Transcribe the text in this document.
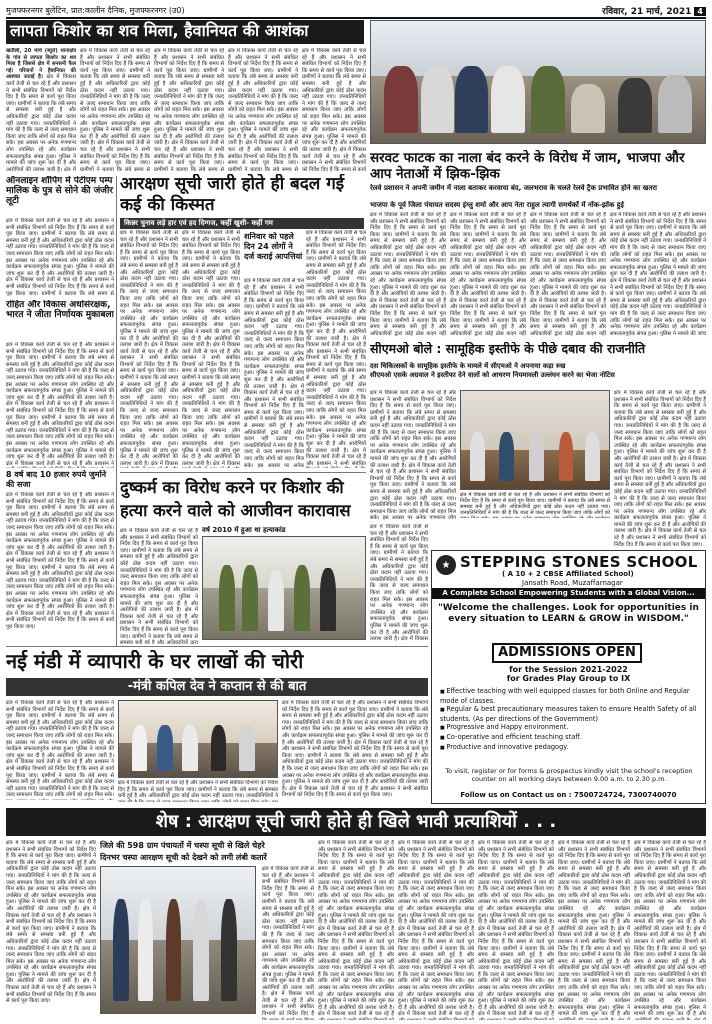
मुजफ्फरनगर बुलेटिन, प्रात:कालीन दैनिक, मुजफ्फरनगर (उ0)	रविवार, 21 मार्च, 2021 4
लापता किशोर का शव मिला, हैवानियत की आशंका
खतौली, 20 मार्च (ब्यूरो) थानाक्षेत्र के गांव से लापता किशोर का शव मिला है जिससे क्षेत्र में सनसनी फैल गई। परिजनों ने हैवानियत की आशंका जताई है। क्षेत्र में विकास कार्य तेजी से चल रहे हैं और प्रशासन ने सभी संबंधित विभागों को निर्देश दिए हैं कि समय से कार्य पूरा किया जाए। ग्रामीणों ने बताया कि लंबे समय से समस्या बनी हुई है और अधिकारियों द्वारा कोई ठोस कदम नहीं उठाया गया। जनप्रतिनिधियों ने मांग की है कि जल्द से जल्द समाधान किया जाए ताकि लोगों को राहत मिल सके। इस अवसर पर अनेक गणमान्य लोग उपस्थित रहे और कार्यक्रम सफलतापूर्वक संपन्न हुआ। पुलिस ने मामले की जांच शुरू कर दी है और आरोपियों की तलाश जारी है। क्षेत्र में विकास कार्य तेजी से चल रहे हैं और प्रशासन ने सभी संबंधित विभागों को निर्देश दिए हैं कि समय से कार्य पूरा किया जाए। ग्रामीणों ने बताया कि लंबे समय से समस्या बनी हुई है और अधिकारियों द्वारा कोई ठोस कदम नहीं उठाया गया। जनप्रतिनिधियों ने मांग की है कि जल्द से जल्द समाधान किया जाए ताकि लोगों को राहत मिल सके। इस अवसर पर अनेक गणमान्य लोग उपस्थित रहे और कार्यक्रम सफलतापूर्वक संपन्न हुआ। पुलिस ने मामले की जांच शुरू कर दी है और आरोपियों की तलाश जारी है। क्षेत्र में विकास कार्य तेजी से चल रहे हैं और प्रशासन ने सभी संबंधित विभागों को निर्देश दिए हैं कि समय से कार्य पूरा किया जाए।
क्षेत्र में विकास कार्य तेजी से चल रहे हैं और प्रशासन ने सभी संबंधित विभागों को निर्देश दिए हैं कि समय से कार्य पूरा किया जाए। ग्रामीणों ने बताया कि लंबे समय से समस्या बनी हुई है और अधिकारियों द्वारा कोई ठोस कदम नहीं उठाया गया। जनप्रतिनिधियों ने मांग की है कि जल्द से जल्द समाधान किया जाए ताकि लोगों को राहत मिल सके। इस अवसर पर अनेक गणमान्य लोग उपस्थित रहे और कार्यक्रम सफलतापूर्वक संपन्न हुआ। पुलिस ने मामले की जांच शुरू कर दी है और आरोपियों की तलाश जारी है। क्षेत्र में विकास कार्य तेजी से चल रहे हैं और प्रशासन ने सभी संबंधित विभागों को निर्देश दिए हैं कि समय से कार्य पूरा किया जाए। ग्रामीणों ने बताया कि लंबे समय से समस्या बनी हुई है और अधिकारियों द्वारा कोई ठोस कदम नहीं उठाया गया। जनप्रतिनिधियों ने मांग की है कि जल्द से जल्द समाधान किया जाए ताकि लोगों को राहत मिल सके। इस अवसर पर अनेक गणमान्य लोग उपस्थित रहे और कार्यक्रम सफलतापूर्वक संपन्न हुआ। पुलिस ने मामले की जांच शुरू कर दी है और आरोपियों की तलाश जारी है। क्षेत्र में विकास कार्य तेजी से चल रहे हैं और प्रशासन ने सभी संबंधित विभागों को निर्देश दिए हैं कि समय से कार्य पूरा किया जाए।
क्षेत्र में विकास कार्य तेजी से चल रहे हैं और प्रशासन ने सभी संबंधित विभागों को निर्देश दिए हैं कि समय से कार्य पूरा किया जाए। ग्रामीणों ने बताया कि लंबे समय से समस्या बनी हुई है और अधिकारियों द्वारा कोई ठोस कदम नहीं उठाया गया। जनप्रतिनिधियों ने मांग की है कि जल्द से जल्द समाधान किया जाए ताकि लोगों को राहत मिल सके। इस अवसर पर अनेक गणमान्य लोग उपस्थित रहे और कार्यक्रम सफलतापूर्वक संपन्न हुआ। पुलिस ने मामले की जांच शुरू कर दी है और आरोपियों की तलाश जारी है। क्षेत्र में विकास कार्य तेजी से चल रहे हैं और प्रशासन ने सभी संबंधित विभागों को निर्देश दिए हैं कि समय से कार्य पूरा किया जाए। ग्रामीणों ने बताया कि लंबे समय से समस्या बनी हुई है और अधिकारियों द्वारा कोई ठोस कदम नहीं उठाया गया। जनप्रतिनिधियों ने मांग की है कि जल्द से जल्द समाधान किया जाए ताकि लोगों को राहत मिल सके। इस अवसर पर अनेक गणमान्य लोग उपस्थित रहे और कार्यक्रम सफलतापूर्वक संपन्न हुआ। पुलिस ने मामले की जांच शुरू कर दी है और आरोपियों की तलाश जारी है। क्षेत्र में विकास कार्य तेजी से चल रहे हैं और प्रशासन ने सभी संबंधित विभागों को निर्देश दिए हैं कि समय से कार्य पूरा किया जाए।
क्षेत्र में विकास कार्य तेजी से चल रहे हैं और प्रशासन ने सभी संबंधित विभागों को निर्देश दिए हैं कि समय से कार्य पूरा किया जाए। ग्रामीणों ने बताया कि लंबे समय से समस्या बनी हुई है और अधिकारियों द्वारा कोई ठोस कदम नहीं उठाया गया। जनप्रतिनिधियों ने मांग की है कि जल्द से जल्द समाधान किया जाए ताकि लोगों को राहत मिल सके। इस अवसर पर अनेक गणमान्य लोग उपस्थित रहे और कार्यक्रम सफलतापूर्वक संपन्न हुआ। पुलिस ने मामले की जांच शुरू कर दी है और आरोपियों की तलाश जारी है। क्षेत्र में विकास कार्य तेजी से चल रहे हैं और प्रशासन ने सभी संबंधित विभागों को निर्देश दिए हैं कि समय से कार्य पूरा किया जाए। ग्रामीणों ने बताया कि लंबे समय से समस्या बनी हुई है और अधिकारियों द्वारा कोई ठोस कदम नहीं उठाया गया। जनप्रतिनिधियों ने मांग की है कि जल्द से जल्द समाधान किया जाए ताकि लोगों को राहत मिल सके। इस अवसर पर अनेक गणमान्य लोग उपस्थित रहे और कार्यक्रम सफलतापूर्वक संपन्न हुआ। पुलिस ने मामले की जांच शुरू कर दी है और आरोपियों की तलाश जारी है। क्षेत्र में विकास कार्य तेजी से चल रहे हैं और प्रशासन ने सभी संबंधित विभागों को निर्देश दिए हैं कि समय से कार्य पूरा किया जाए।
क्षेत्र में विकास कार्य तेजी से चल रहे हैं और प्रशासन ने सभी संबंधित विभागों को निर्देश दिए हैं कि समय से कार्य पूरा किया जाए। ग्रामीणों ने बताया कि लंबे समय से समस्या बनी हुई है और अधिकारियों द्वारा कोई ठोस कदम नहीं उठाया गया। जनप्रतिनिधियों ने मांग की है कि जल्द से जल्द समाधान किया जाए ताकि लोगों को राहत मिल सके। इस अवसर पर अनेक गणमान्य लोग उपस्थित रहे और कार्यक्रम सफलतापूर्वक संपन्न हुआ। पुलिस ने मामले की जांच शुरू कर दी है और आरोपियों की तलाश जारी है। क्षेत्र में विकास कार्य तेजी से चल रहे हैं और प्रशासन ने सभी संबंधित विभागों को निर्देश दिए हैं कि समय से कार्य पूरा किया जाए। ग्रामीणों ने बताया कि लंबे समय से समस्या बनी हुई है और अधिकारियों द्वारा कोई ठोस कदम नहीं उठाया गया। जनप्रतिनिधियों ने मांग की है कि जल्द से जल्द समाधान किया जाए ताकि लोगों को राहत मिल सके। इस अवसर पर अनेक गणमान्य लोग उपस्थित रहे और कार्यक्रम सफलतापूर्वक संपन्न हुआ। पुलिस ने मामले की जांच शुरू कर दी है और आरोपियों की तलाश जारी है। क्षेत्र में विकास कार्य तेजी से चल रहे हैं और प्रशासन ने सभी संबंधित विभागों को निर्देश दिए हैं कि समय से कार्य पूरा किया जाए।
सरवट फाटक का नाला बंद करने के विरोध में जाम, भाजपा और आप नेताओं में झिक-झिक
रेलवे प्रशासन ने अपनी जमीन में नाला बताकर करवाया बंद, जलभराव के चलते रेलवे ट्रैक प्रभावित होने का खतरा
भाजपा के पूर्व जिला पंचायत सदस्य इंग्लु शर्मा और आप नेता राहुल त्यागी समर्थकों में नोंक-झोंक हुई
क्षेत्र में विकास कार्य तेजी से चल रहे हैं और प्रशासन ने सभी संबंधित विभागों को निर्देश दिए हैं कि समय से कार्य पूरा किया जाए। ग्रामीणों ने बताया कि लंबे समय से समस्या बनी हुई है और अधिकारियों द्वारा कोई ठोस कदम नहीं उठाया गया। जनप्रतिनिधियों ने मांग की है कि जल्द से जल्द समाधान किया जाए ताकि लोगों को राहत मिल सके। इस अवसर पर अनेक गणमान्य लोग उपस्थित रहे और कार्यक्रम सफलतापूर्वक संपन्न हुआ। पुलिस ने मामले की जांच शुरू कर दी है और आरोपियों की तलाश जारी है। क्षेत्र में विकास कार्य तेजी से चल रहे हैं और प्रशासन ने सभी संबंधित विभागों को निर्देश दिए हैं कि समय से कार्य पूरा किया जाए। ग्रामीणों ने बताया कि लंबे समय से समस्या बनी हुई है और अधिकारियों द्वारा कोई ठोस कदम नहीं उठाया गया। जनप्रतिनिधियों ने मांग की है कि जल्द से जल्द समाधान किया जाए ताकि लोगों को राहत मिल सके। इस अवसर पर अनेक गणमान्य लोग उपस्थित रहे और कार्यक्रम सफलतापूर्वक संपन्न हुआ। पुलिस ने मामले की जांच शुरू कर दी है और आरोपियों की तलाश जारी है। क्षेत्र में विकास कार्य तेजी से चल रहे हैं और प्रशासन ने सभी संबंधित विभागों को निर्देश दिए हैं कि समय से कार्य पूरा किया जाए।
क्षेत्र में विकास कार्य तेजी से चल रहे हैं और प्रशासन ने सभी संबंधित विभागों को निर्देश दिए हैं कि समय से कार्य पूरा किया जाए। ग्रामीणों ने बताया कि लंबे समय से समस्या बनी हुई है और अधिकारियों द्वारा कोई ठोस कदम नहीं उठाया गया। जनप्रतिनिधियों ने मांग की है कि जल्द से जल्द समाधान किया जाए ताकि लोगों को राहत मिल सके। इस अवसर पर अनेक गणमान्य लोग उपस्थित रहे और कार्यक्रम सफलतापूर्वक संपन्न हुआ। पुलिस ने मामले की जांच शुरू कर दी है और आरोपियों की तलाश जारी है। क्षेत्र में विकास कार्य तेजी से चल रहे हैं और प्रशासन ने सभी संबंधित विभागों को निर्देश दिए हैं कि समय से कार्य पूरा किया जाए। ग्रामीणों ने बताया कि लंबे समय से समस्या बनी हुई है और अधिकारियों द्वारा कोई ठोस कदम नहीं उठाया गया। जनप्रतिनिधियों ने मांग की है कि जल्द से जल्द समाधान किया जाए ताकि लोगों को राहत मिल सके। इस अवसर पर अनेक गणमान्य लोग उपस्थित रहे और कार्यक्रम सफलतापूर्वक संपन्न हुआ। पुलिस ने मामले की जांच शुरू कर दी है और आरोपियों की तलाश जारी है। क्षेत्र में विकास कार्य तेजी से चल रहे हैं और प्रशासन ने सभी संबंधित विभागों को निर्देश दिए हैं कि समय से कार्य पूरा किया जाए।
क्षेत्र में विकास कार्य तेजी से चल रहे हैं और प्रशासन ने सभी संबंधित विभागों को निर्देश दिए हैं कि समय से कार्य पूरा किया जाए। ग्रामीणों ने बताया कि लंबे समय से समस्या बनी हुई है और अधिकारियों द्वारा कोई ठोस कदम नहीं उठाया गया। जनप्रतिनिधियों ने मांग की है कि जल्द से जल्द समाधान किया जाए ताकि लोगों को राहत मिल सके। इस अवसर पर अनेक गणमान्य लोग उपस्थित रहे और कार्यक्रम सफलतापूर्वक संपन्न हुआ। पुलिस ने मामले की जांच शुरू कर दी है और आरोपियों की तलाश जारी है। क्षेत्र में विकास कार्य तेजी से चल रहे हैं और प्रशासन ने सभी संबंधित विभागों को निर्देश दिए हैं कि समय से कार्य पूरा किया जाए। ग्रामीणों ने बताया कि लंबे समय से समस्या बनी हुई है और अधिकारियों द्वारा कोई ठोस कदम नहीं उठाया गया। जनप्रतिनिधियों ने मांग की है कि जल्द से जल्द समाधान किया जाए ताकि लोगों को राहत मिल सके। इस अवसर पर अनेक गणमान्य लोग उपस्थित रहे और कार्यक्रम सफलतापूर्वक संपन्न हुआ। पुलिस ने मामले की जांच शुरू कर दी है और आरोपियों की तलाश जारी है। क्षेत्र में विकास कार्य तेजी से चल रहे हैं और प्रशासन ने सभी संबंधित विभागों को निर्देश दिए हैं कि समय से कार्य पूरा किया जाए।
क्षेत्र में विकास कार्य तेजी से चल रहे हैं और प्रशासन ने सभी संबंधित विभागों को निर्देश दिए हैं कि समय से कार्य पूरा किया जाए। ग्रामीणों ने बताया कि लंबे समय से समस्या बनी हुई है और अधिकारियों द्वारा कोई ठोस कदम नहीं उठाया गया। जनप्रतिनिधियों ने मांग की है कि जल्द से जल्द समाधान किया जाए ताकि लोगों को राहत मिल सके। इस अवसर पर अनेक गणमान्य लोग उपस्थित रहे और कार्यक्रम सफलतापूर्वक संपन्न हुआ। पुलिस ने मामले की जांच शुरू कर दी है और आरोपियों की तलाश जारी है। क्षेत्र में विकास कार्य तेजी से चल रहे हैं और प्रशासन ने सभी संबंधित विभागों को निर्देश दिए हैं कि समय से कार्य पूरा किया जाए। ग्रामीणों ने बताया कि लंबे समय से समस्या बनी हुई है और अधिकारियों द्वारा कोई ठोस कदम नहीं उठाया गया। जनप्रतिनिधियों ने मांग की है कि जल्द से जल्द समाधान किया जाए ताकि लोगों को राहत मिल सके। इस अवसर पर अनेक गणमान्य लोग उपस्थित रहे और कार्यक्रम सफलतापूर्वक संपन्न हुआ। पुलिस ने मामले की जांच शुरू कर दी है और आरोपियों की तलाश जारी है। क्षेत्र में विकास कार्य तेजी से चल रहे हैं और प्रशासन ने सभी संबंधित विभागों को निर्देश दिए हैं कि समय से कार्य पूरा किया जाए।
ऑनलाइन शॉपिंग में पेटीएम पम्प मालिक के पुत्र से सोने की जंजीर लूटी
क्षेत्र में विकास कार्य तेजी से चल रहे हैं और प्रशासन ने सभी संबंधित विभागों को निर्देश दिए हैं कि समय से कार्य पूरा किया जाए। ग्रामीणों ने बताया कि लंबे समय से समस्या बनी हुई है और अधिकारियों द्वारा कोई ठोस कदम नहीं उठाया गया। जनप्रतिनिधियों ने मांग की है कि जल्द से जल्द समाधान किया जाए ताकि लोगों को राहत मिल सके। इस अवसर पर अनेक गणमान्य लोग उपस्थित रहे और कार्यक्रम सफलतापूर्वक संपन्न हुआ। पुलिस ने मामले की जांच शुरू कर दी है और आरोपियों की तलाश जारी है। क्षेत्र में विकास कार्य तेजी से चल रहे हैं और प्रशासन ने सभी संबंधित विभागों को निर्देश दिए हैं कि समय से कार्य पूरा किया जाए। ग्रामीणों ने बताया कि लंबे समय से समस्या बनी हुई है और अधिकारियों द्वारा कोई ठोस कदम नहीं उठाया गया। जनप्रतिनिधियों ने मांग की है कि जल्द से जल्द समाधान किया जाए ताकि लोगों को राहत मिल सके। इस अवसर पर अनेक गणमान्य लोग उपस्थित रहे और कार्यक्रम सफलतापूर्वक संपन्न हुआ। पुलिस ने मामले की जांच शुरू कर दी है और आरोपियों की तलाश जारी है। क्षेत्र में विकास कार्य तेजी से चल रहे हैं और प्रशासन ने सभी संबंधित विभागों को निर्देश दिए हैं कि समय से कार्य पूरा किया जाए।
रोहित और विकास अधोसंरक्षक, भारत ने जीता निर्णायक मुकाबला
क्षेत्र में विकास कार्य तेजी से चल रहे हैं और प्रशासन ने सभी संबंधित विभागों को निर्देश दिए हैं कि समय से कार्य पूरा किया जाए। ग्रामीणों ने बताया कि लंबे समय से समस्या बनी हुई है और अधिकारियों द्वारा कोई ठोस कदम नहीं उठाया गया। जनप्रतिनिधियों ने मांग की है कि जल्द से जल्द समाधान किया जाए ताकि लोगों को राहत मिल सके। इस अवसर पर अनेक गणमान्य लोग उपस्थित रहे और कार्यक्रम सफलतापूर्वक संपन्न हुआ। पुलिस ने मामले की जांच शुरू कर दी है और आरोपियों की तलाश जारी है। क्षेत्र में विकास कार्य तेजी से चल रहे हैं और प्रशासन ने सभी संबंधित विभागों को निर्देश दिए हैं कि समय से कार्य पूरा किया जाए। ग्रामीणों ने बताया कि लंबे समय से समस्या बनी हुई है और अधिकारियों द्वारा कोई ठोस कदम नहीं उठाया गया। जनप्रतिनिधियों ने मांग की है कि जल्द से जल्द समाधान किया जाए ताकि लोगों को राहत मिल सके। इस अवसर पर अनेक गणमान्य लोग उपस्थित रहे और कार्यक्रम सफलतापूर्वक संपन्न हुआ। पुलिस ने मामले की जांच शुरू कर दी है और आरोपियों की तलाश जारी है। क्षेत्र में विकास कार्य तेजी से चल रहे हैं और प्रशासन ने सभी संबंधित विभागों को निर्देश दिए हैं कि समय से कार्य पूरा किया जाए।
8 वर्ष बाद 10 हजार रुपये जुर्माने की सजा
क्षेत्र में विकास कार्य तेजी से चल रहे हैं और प्रशासन ने सभी संबंधित विभागों को निर्देश दिए हैं कि समय से कार्य पूरा किया जाए। ग्रामीणों ने बताया कि लंबे समय से समस्या बनी हुई है और अधिकारियों द्वारा कोई ठोस कदम नहीं उठाया गया। जनप्रतिनिधियों ने मांग की है कि जल्द से जल्द समाधान किया जाए ताकि लोगों को राहत मिल सके। इस अवसर पर अनेक गणमान्य लोग उपस्थित रहे और कार्यक्रम सफलतापूर्वक संपन्न हुआ। पुलिस ने मामले की जांच शुरू कर दी है और आरोपियों की तलाश जारी है। क्षेत्र में विकास कार्य तेजी से चल रहे हैं और प्रशासन ने सभी संबंधित विभागों को निर्देश दिए हैं कि समय से कार्य पूरा किया जाए। ग्रामीणों ने बताया कि लंबे समय से समस्या बनी हुई है और अधिकारियों द्वारा कोई ठोस कदम नहीं उठाया गया। जनप्रतिनिधियों ने मांग की है कि जल्द से जल्द समाधान किया जाए ताकि लोगों को राहत मिल सके। इस अवसर पर अनेक गणमान्य लोग उपस्थित रहे और कार्यक्रम सफलतापूर्वक संपन्न हुआ। पुलिस ने मामले की जांच शुरू कर दी है और आरोपियों की तलाश जारी है। क्षेत्र में विकास कार्य तेजी से चल रहे हैं और प्रशासन ने सभी संबंधित विभागों को निर्देश दिए हैं कि समय से कार्य पूरा किया जाए।
आरक्षण सूची जारी होते ही बदल गई कई की किस्मत
किन्नर चुनाव लड़े हार एवं हद दिग्गज, कहीं खुशी- कहीं गम
क्षेत्र में विकास कार्य तेजी से चल रहे हैं और प्रशासन ने सभी संबंधित विभागों को निर्देश दिए हैं कि समय से कार्य पूरा किया जाए। ग्रामीणों ने बताया कि लंबे समय से समस्या बनी हुई है और अधिकारियों द्वारा कोई ठोस कदम नहीं उठाया गया। जनप्रतिनिधियों ने मांग की है कि जल्द से जल्द समाधान किया जाए ताकि लोगों को राहत मिल सके। इस अवसर पर अनेक गणमान्य लोग उपस्थित रहे और कार्यक्रम सफलतापूर्वक संपन्न हुआ। पुलिस ने मामले की जांच शुरू कर दी है और आरोपियों की तलाश जारी है। क्षेत्र में विकास कार्य तेजी से चल रहे हैं और प्रशासन ने सभी संबंधित विभागों को निर्देश दिए हैं कि समय से कार्य पूरा किया जाए। ग्रामीणों ने बताया कि लंबे समय से समस्या बनी हुई है और अधिकारियों द्वारा कोई ठोस कदम नहीं उठाया गया। जनप्रतिनिधियों ने मांग की है कि जल्द से जल्द समाधान किया जाए ताकि लोगों को राहत मिल सके। इस अवसर पर अनेक गणमान्य लोग उपस्थित रहे और कार्यक्रम सफलतापूर्वक संपन्न हुआ। पुलिस ने मामले की जांच शुरू कर दी है और आरोपियों की तलाश जारी है। क्षेत्र में विकास कार्य तेजी से चल रहे हैं और प्रशासन ने सभी संबंधित विभागों को निर्देश दिए हैं कि समय से कार्य पूरा किया जाए।
क्षेत्र में विकास कार्य तेजी से चल रहे हैं और प्रशासन ने सभी संबंधित विभागों को निर्देश दिए हैं कि समय से कार्य पूरा किया जाए। ग्रामीणों ने बताया कि लंबे समय से समस्या बनी हुई है और अधिकारियों द्वारा कोई ठोस कदम नहीं उठाया गया। जनप्रतिनिधियों ने मांग की है कि जल्द से जल्द समाधान किया जाए ताकि लोगों को राहत मिल सके। इस अवसर पर अनेक गणमान्य लोग उपस्थित रहे और कार्यक्रम सफलतापूर्वक संपन्न हुआ। पुलिस ने मामले की जांच शुरू कर दी है और आरोपियों की तलाश जारी है। क्षेत्र में विकास कार्य तेजी से चल रहे हैं और प्रशासन ने सभी संबंधित विभागों को निर्देश दिए हैं कि समय से कार्य पूरा किया जाए। ग्रामीणों ने बताया कि लंबे समय से समस्या बनी हुई है और अधिकारियों द्वारा कोई ठोस कदम नहीं उठाया गया। जनप्रतिनिधियों ने मांग की है कि जल्द से जल्द समाधान किया जाए ताकि लोगों को राहत मिल सके। इस अवसर पर अनेक गणमान्य लोग उपस्थित रहे और कार्यक्रम सफलतापूर्वक संपन्न हुआ। पुलिस ने मामले की जांच शुरू कर दी है और आरोपियों की तलाश जारी है। क्षेत्र में विकास कार्य तेजी से चल रहे हैं और प्रशासन ने सभी संबंधित विभागों को निर्देश दिए हैं कि समय से कार्य पूरा किया जाए।
शनिवार को पहले दिन 24 लोगों ने दर्ज कराई आपत्तियां
क्षेत्र में विकास कार्य तेजी से चल रहे हैं और प्रशासन ने सभी संबंधित विभागों को निर्देश दिए हैं कि समय से कार्य पूरा किया जाए। ग्रामीणों ने बताया कि लंबे समय से समस्या बनी हुई है और अधिकारियों द्वारा कोई ठोस कदम नहीं उठाया गया। जनप्रतिनिधियों ने मांग की है कि जल्द से जल्द समाधान किया जाए ताकि लोगों को राहत मिल सके। इस अवसर पर अनेक गणमान्य लोग उपस्थित रहे और कार्यक्रम सफलतापूर्वक संपन्न हुआ। पुलिस ने मामले की जांच शुरू कर दी है और आरोपियों की तलाश जारी है। क्षेत्र में विकास कार्य तेजी से चल रहे हैं और प्रशासन ने सभी संबंधित विभागों को निर्देश दिए हैं कि समय से कार्य पूरा किया जाए। ग्रामीणों ने बताया कि लंबे समय से समस्या बनी हुई है और अधिकारियों द्वारा कोई ठोस कदम नहीं उठाया गया। जनप्रतिनिधियों ने मांग की है कि जल्द से जल्द समाधान किया जाए ताकि लोगों को राहत मिल सके। इस अवसर पर अनेक गणमान्य लोग उपस्थित रहे और कार्यक्रम सफलतापूर्वक संपन्न हुआ। पुलिस ने मामले की जांच शुरू कर दी है और आरोपियों की तलाश जारी है। क्षेत्र में विकास कार्य तेजी से चल रहे हैं और प्रशासन ने सभी संबंधित विभागों को निर्देश दिए हैं कि समय से कार्य पूरा किया जाए।
क्षेत्र में विकास कार्य तेजी से चल रहे हैं और प्रशासन ने सभी संबंधित विभागों को निर्देश दिए हैं कि समय से कार्य पूरा किया जाए। ग्रामीणों ने बताया कि लंबे समय से समस्या बनी हुई है और अधिकारियों द्वारा कोई ठोस कदम नहीं उठाया गया। जनप्रतिनिधियों ने मांग की है कि जल्द से जल्द समाधान किया जाए ताकि लोगों को राहत मिल सके। इस अवसर पर अनेक गणमान्य लोग उपस्थित रहे और कार्यक्रम सफलतापूर्वक संपन्न हुआ। पुलिस ने मामले की जांच शुरू कर दी है और आरोपियों की तलाश जारी है। क्षेत्र में विकास कार्य तेजी से चल रहे हैं और प्रशासन ने सभी संबंधित विभागों को निर्देश दिए हैं कि समय से कार्य पूरा किया जाए। ग्रामीणों ने बताया कि लंबे समय से समस्या बनी हुई है और अधिकारियों द्वारा कोई ठोस कदम नहीं उठाया गया। जनप्रतिनिधियों ने मांग की है कि जल्द से जल्द समाधान किया जाए ताकि लोगों को राहत मिल सके। इस अवसर पर अनेक गणमान्य लोग उपस्थित रहे और कार्यक्रम सफलतापूर्वक संपन्न हुआ। पुलिस ने मामले की जांच शुरू कर दी है और आरोपियों की तलाश जारी है। क्षेत्र में विकास कार्य तेजी से चल रहे हैं और प्रशासन ने सभी संबंधित विभागों को निर्देश दिए हैं कि समय से कार्य पूरा किया जाए।
सीएमओ बोले : सामूहिक इस्तीफे के पीछे दबाव की राजनीति
दस चिकित्सकों के सामूहिक इस्तीफे के मामले में सीएमओ ने अपनाया कड़ा रुख
सीएमओ एसके अग्रवाल ने इस्तीफा देने वालों को आचरण नियमावली उल्लंघन करने का भेजा नोटिस
क्षेत्र में विकास कार्य तेजी से चल रहे हैं और प्रशासन ने सभी संबंधित विभागों को निर्देश दिए हैं कि समय से कार्य पूरा किया जाए। ग्रामीणों ने बताया कि लंबे समय से समस्या बनी हुई है और अधिकारियों द्वारा कोई ठोस कदम नहीं उठाया गया। जनप्रतिनिधियों ने मांग की है कि जल्द से जल्द समाधान किया जाए ताकि लोगों को राहत मिल सके। इस अवसर पर अनेक गणमान्य लोग उपस्थित रहे और कार्यक्रम सफलतापूर्वक संपन्न हुआ। पुलिस ने मामले की जांच शुरू कर दी है और आरोपियों की तलाश जारी है। क्षेत्र में विकास कार्य तेजी से चल रहे हैं और प्रशासन ने सभी संबंधित विभागों को निर्देश दिए हैं कि समय से कार्य पूरा किया जाए। ग्रामीणों ने बताया कि लंबे समय से समस्या बनी हुई है और अधिकारियों द्वारा कोई ठोस कदम नहीं उठाया गया। जनप्रतिनिधियों ने मांग की है कि जल्द से जल्द समाधान किया जाए ताकि लोगों को राहत मिल सके। इस अवसर पर अनेक गणमान्य लोग उपस्थित रहे और कार्यक्रम सफलतापूर्वक संपन्न हुआ। पुलिस ने मामले की जांच शुरू कर दी है और आरोपियों की तलाश जारी है। क्षेत्र में विकास कार्य तेजी से चल रहे हैं और प्रशासन ने सभी संबंधित विभागों को निर्देश दिए हैं कि समय से कार्य पूरा किया जाए।
क्षेत्र में विकास कार्य तेजी से चल रहे हैं और प्रशासन ने सभी संबंधित विभागों को निर्देश दिए हैं कि समय से कार्य पूरा किया जाए। ग्रामीणों ने बताया कि लंबे समय से समस्या बनी हुई है और अधिकारियों द्वारा कोई ठोस कदम नहीं उठाया गया। जनप्रतिनिधियों ने मांग की है कि जल्द से जल्द समाधान किया जाए ताकि लोगों को राहत मिल सके। इस अवसर पर अनेक गणमान्य लोग उपस्थित रहे और कार्यक्रम सफलतापूर्वक संपन्न हुआ। पुलिस ने मामले की जांच शुरू कर दी है और आरोपियों की तलाश जारी है। क्षेत्र में विकास कार्य तेजी से चल रहे हैं और प्रशासन ने सभी संबंधित विभागों को निर्देश दिए हैं कि समय से कार्य पूरा किया जाए। ग्रामीणों ने बताया कि लंबे समय से समस्या बनी हुई है और अधिकारियों द्वारा कोई ठोस कदम नहीं उठाया गया। जनप्रतिनिधियों ने मांग की है कि जल्द से जल्द समाधान किया जाए ताकि लोगों को राहत मिल सके। इस अवसर पर अनेक गणमान्य लोग उपस्थित रहे और कार्यक्रम सफलतापूर्वक संपन्न हुआ। पुलिस ने मामले की जांच शुरू कर दी है और आरोपियों की तलाश जारी है। क्षेत्र में विकास कार्य तेजी से चल रहे हैं और प्रशासन ने सभी संबंधित विभागों को निर्देश दिए हैं कि समय से कार्य पूरा किया जाए।
क्षेत्र में विकास कार्य तेजी से चल रहे हैं और प्रशासन ने सभी संबंधित विभागों को निर्देश दिए हैं कि समय से कार्य पूरा किया जाए। ग्रामीणों ने बताया कि लंबे समय से समस्या बनी हुई है और अधिकारियों द्वारा कोई ठोस कदम नहीं उठाया गया। जनप्रतिनिधियों ने मांग की है कि जल्द से जल्द समाधान किया जाए ताकि लोगों को राहत मिल सके। इस अवसर पर अनेक गणमान्य लोग उपस्थित रहे और कार्यक्रम सफलतापूर्वक संपन्न हुआ। पुलिस ने मामले की जांच शुरू कर दी है और आरोपियों की तलाश जारी है। क्षेत्र में विकास कार्य तेजी से चल रहे हैं और प्रशासन ने सभी संबंधित विभागों को निर्देश दिए हैं कि समय से कार्य पूरा किया जाए। ग्रामीणों ने बताया कि लंबे समय से समस्या बनी हुई है और अधिकारियों द्वारा कोई ठोस कदम नहीं उठाया गया। जनप्रतिनिधियों ने मांग की है कि जल्द से जल्द समाधान किया जाए ताकि लोगों को राहत मिल सके। इस अवसर पर अनेक गणमान्य लोग उपस्थित रहे और कार्यक्रम सफलतापूर्वक संपन्न हुआ। पुलिस ने मामले की जांच शुरू कर दी है और आरोपियों की तलाश जारी है। क्षेत्र में विकास कार्य तेजी से चल रहे हैं और प्रशासन ने सभी संबंधित विभागों को निर्देश दिए हैं कि समय से कार्य पूरा किया जाए।
क्षेत्र में विकास कार्य तेजी से चल रहे हैं और प्रशासन ने सभी संबंधित विभागों को निर्देश दिए हैं कि समय से कार्य पूरा किया जाए। ग्रामीणों ने बताया कि लंबे समय से समस्या बनी हुई है और अधिकारियों द्वारा कोई ठोस कदम नहीं उठाया गया। जनप्रतिनिधियों ने मांग की है कि जल्द से जल्द समाधान किया जाए ताकि लोगों को राहत मिल सके। इस अवसर पर अनेक गणमान्य लोग उपस्थित रहे और कार्यक्रम सफलतापूर्वक संपन्न हुआ। पुलिस ने मामले की जांच शुरू कर दी है और आरोपियों की तलाश जारी है। क्षेत्र में विकास कार्य तेजी से चल रहे हैं और प्रशासन ने सभी संबंधित विभागों को निर्देश दिए हैं कि समय से कार्य पूरा किया जाए। ग्रामीणों ने बताया कि लंबे समय से समस्या बनी हुई है और अधिकारियों द्वारा कोई ठोस कदम नहीं उठाया गया। जनप्रतिनिधियों ने मांग की है कि जल्द से जल्द समाधान किया जाए ताकि लोगों को राहत मिल सके। इस अवसर पर अनेक गणमान्य लोग उपस्थित रहे और कार्यक्रम सफलतापूर्वक संपन्न हुआ। पुलिस ने मामले की जांच शुरू कर दी है और आरोपियों की तलाश जारी है। क्षेत्र में विकास कार्य तेजी से चल रहे हैं और प्रशासन ने सभी संबंधित विभागों को निर्देश दिए हैं कि समय से कार्य पूरा किया जाए।
दुष्कर्म का विरोध करने पर किशोर की हत्या करने वाले को आजीवन कारावास
क्षेत्र में विकास कार्य तेजी से चल रहे हैं और प्रशासन ने सभी संबंधित विभागों को निर्देश दिए हैं कि समय से कार्य पूरा किया जाए। ग्रामीणों ने बताया कि लंबे समय से समस्या बनी हुई है और अधिकारियों द्वारा कोई ठोस कदम नहीं उठाया गया। जनप्रतिनिधियों ने मांग की है कि जल्द से जल्द समाधान किया जाए ताकि लोगों को राहत मिल सके। इस अवसर पर अनेक गणमान्य लोग उपस्थित रहे और कार्यक्रम सफलतापूर्वक संपन्न हुआ। पुलिस ने मामले की जांच शुरू कर दी है और आरोपियों की तलाश जारी है। क्षेत्र में विकास कार्य तेजी से चल रहे हैं और प्रशासन ने सभी संबंधित विभागों को निर्देश दिए हैं कि समय से कार्य पूरा किया जाए। ग्रामीणों ने बताया कि लंबे समय से समस्या बनी हुई है और अधिकारियों द्वारा कोई ठोस कदम नहीं उठाया गया। जनप्रतिनिधियों ने मांग की है कि जल्द से जल्द समाधान किया जाए ताकि लोगों को राहत मिल सके। इस अवसर पर अनेक गणमान्य लोग उपस्थित रहे और कार्यक्रम सफलतापूर्वक संपन्न हुआ। पुलिस ने मामले की जांच शुरू कर दी है और आरोपियों की तलाश जारी है। क्षेत्र में विकास कार्य तेजी से चल रहे हैं और प्रशासन ने सभी संबंधित विभागों को निर्देश दिए हैं कि समय से कार्य पूरा किया जाए।
वर्ष 2010 में हुआ था हत्याकांड
नई मंडी में व्यापारी के घर लाखों की चोरी
-मंत्री कपिल देव ने कप्तान से की बात
क्षेत्र में विकास कार्य तेजी से चल रहे हैं और प्रशासन ने सभी संबंधित विभागों को निर्देश दिए हैं कि समय से कार्य पूरा किया जाए। ग्रामीणों ने बताया कि लंबे समय से समस्या बनी हुई है और अधिकारियों द्वारा कोई ठोस कदम नहीं उठाया गया। जनप्रतिनिधियों ने मांग की है कि जल्द से जल्द समाधान किया जाए ताकि लोगों को राहत मिल सके। इस अवसर पर अनेक गणमान्य लोग उपस्थित रहे और कार्यक्रम सफलतापूर्वक संपन्न हुआ। पुलिस ने मामले की जांच शुरू कर दी है और आरोपियों की तलाश जारी है। क्षेत्र में विकास कार्य तेजी से चल रहे हैं और प्रशासन ने सभी संबंधित विभागों को निर्देश दिए हैं कि समय से कार्य पूरा किया जाए। ग्रामीणों ने बताया कि लंबे समय से समस्या बनी हुई है और अधिकारियों द्वारा कोई ठोस कदम नहीं उठाया गया। जनप्रतिनिधियों ने मांग की है कि जल्द से जल्द समाधान किया जाए ताकि लोगों को राहत मिल सके। इस अवसर पर अनेक गणमान्य लोग उपस्थित रहे और कार्यक्रम सफलतापूर्वक संपन्न हुआ। पुलिस ने मामले की जांच शुरू कर दी है और आरोपियों की तलाश जारी है। क्षेत्र में विकास कार्य तेजी से चल रहे हैं और प्रशासन ने सभी संबंधित विभागों को निर्देश दिए हैं कि समय से कार्य पूरा किया जाए।
क्षेत्र में विकास कार्य तेजी से चल रहे हैं और प्रशासन ने सभी संबंधित विभागों को निर्देश दिए हैं कि समय से कार्य पूरा किया जाए। ग्रामीणों ने बताया कि लंबे समय से समस्या बनी हुई है और अधिकारियों द्वारा कोई ठोस कदम नहीं उठाया गया। जनप्रतिनिधियों ने मांग की है कि जल्द से जल्द समाधान किया जाए ताकि लोगों को राहत मिल सके। इस अवसर पर अनेक गणमान्य लोग उपस्थित रहे और कार्यक्रम सफलतापूर्वक संपन्न हुआ। पुलिस ने मामले की जांच शुरू कर दी है और आरोपियों की तलाश जारी है। क्षेत्र में विकास कार्य तेजी से चल रहे हैं और प्रशासन ने सभी संबंधित विभागों को निर्देश दिए हैं कि समय से कार्य पूरा किया जाए। ग्रामीणों ने बताया कि लंबे समय से समस्या बनी हुई है और अधिकारियों द्वारा कोई ठोस कदम नहीं उठाया गया। जनप्रतिनिधियों ने मांग की है कि जल्द से जल्द समाधान किया जाए ताकि लोगों को राहत मिल सके। इस अवसर पर अनेक गणमान्य लोग उपस्थित रहे और कार्यक्रम सफलतापूर्वक संपन्न हुआ। पुलिस ने मामले की जांच शुरू कर दी है और आरोपियों की तलाश जारी है। क्षेत्र में विकास कार्य तेजी से चल रहे हैं और प्रशासन ने सभी संबंधित विभागों को निर्देश दिए हैं कि समय से कार्य पूरा किया जाए।
क्षेत्र में विकास कार्य तेजी से चल रहे हैं और प्रशासन ने सभी संबंधित विभागों को निर्देश दिए हैं कि समय से कार्य पूरा किया जाए। ग्रामीणों ने बताया कि लंबे समय से समस्या बनी हुई है और अधिकारियों द्वारा कोई ठोस कदम नहीं उठाया गया। जनप्रतिनिधियों ने मांग की है कि जल्द से जल्द समाधान किया जाए ताकि लोगों को राहत मिल सके। इस अवसर पर अनेक गणमान्य लोग उपस्थित रहे और कार्यक्रम सफलतापूर्वक संपन्न हुआ। पुलिस ने मामले की जांच शुरू कर दी है और आरोपियों की तलाश जारी है। क्षेत्र में विकास कार्य तेजी से चल रहे हैं और प्रशासन ने सभी संबंधित विभागों को निर्देश दिए हैं कि समय से कार्य पूरा किया जाए। ग्रामीणों ने बताया कि लंबे समय से समस्या बनी हुई है और अधिकारियों द्वारा कोई ठोस कदम नहीं उठाया गया। जनप्रतिनिधियों ने मांग की है कि जल्द से जल्द समाधान किया जाए ताकि लोगों को राहत मिल सके। इस अवसर पर अनेक गणमान्य लोग उपस्थित रहे और कार्यक्रम सफलतापूर्वक संपन्न हुआ। पुलिस ने मामले की जांच शुरू कर दी है और आरोपियों की तलाश जारी है। क्षेत्र में विकास कार्य तेजी से चल रहे हैं और प्रशासन ने सभी संबंधित विभागों को निर्देश दिए हैं कि समय से कार्य पूरा किया जाए।
★ STEPPING STONES SCHOOL
( A 10 + 2 CBSE Affiliated School)
Jansath Road, Muzaffarnagar
A Complete School Empowering Students with a Global Vision...
"Welcome the challenges. Look for opportunities in every situation to LEARN & GROW in WISDOM."
ADMISSIONS OPEN
for the Session 2021-2022
for Grades Play Group to IX
■ Effective teaching with well equipped classes for both Online and Regular mode of classes.
■ Regular & best precautionary measures taken to ensure Health Safety of all students. (As per directions of the Government)
■ Progressive and Happy environment.
■ Co-operative and efficient teaching staff.
■ Productive and innovative pedagogy.
To visit, register or for forms & prospectus kindly visit the school's reception counter on all working days between 9.00 a.m. to 2.30 p.m.
Follow us on Contact us on : 7500724724, 7300740070
शेष : आरक्षण सूची जारी होते ही खिले भावी प्रत्याशियों . . .
क्षेत्र में विकास कार्य तेजी से चल रहे हैं और प्रशासन ने सभी संबंधित विभागों को निर्देश दिए हैं कि समय से कार्य पूरा किया जाए। ग्रामीणों ने बताया कि लंबे समय से समस्या बनी हुई है और अधिकारियों द्वारा कोई ठोस कदम नहीं उठाया गया। जनप्रतिनिधियों ने मांग की है कि जल्द से जल्द समाधान किया जाए ताकि लोगों को राहत मिल सके। इस अवसर पर अनेक गणमान्य लोग उपस्थित रहे और कार्यक्रम सफलतापूर्वक संपन्न हुआ। पुलिस ने मामले की जांच शुरू कर दी है और आरोपियों की तलाश जारी है। क्षेत्र में विकास कार्य तेजी से चल रहे हैं और प्रशासन ने सभी संबंधित विभागों को निर्देश दिए हैं कि समय से कार्य पूरा किया जाए। ग्रामीणों ने बताया कि लंबे समय से समस्या बनी हुई है और अधिकारियों द्वारा कोई ठोस कदम नहीं उठाया गया। जनप्रतिनिधियों ने मांग की है कि जल्द से जल्द समाधान किया जाए ताकि लोगों को राहत मिल सके। इस अवसर पर अनेक गणमान्य लोग उपस्थित रहे और कार्यक्रम सफलतापूर्वक संपन्न हुआ। पुलिस ने मामले की जांच शुरू कर दी है और आरोपियों की तलाश जारी है। क्षेत्र में विकास कार्य तेजी से चल रहे हैं और प्रशासन ने सभी संबंधित विभागों को निर्देश दिए हैं कि समय से कार्य पूरा किया जाए।
जिले की 598 ग्राम पंचायतों में चस्पा सूची से खिले चेहरे
दिनभर चस्पा आरक्षण सूची को देखने को लगी लंबी कतारें
क्षेत्र में विकास कार्य तेजी से चल रहे हैं और प्रशासन ने सभी संबंधित विभागों को निर्देश दिए हैं कि समय से कार्य पूरा किया जाए। ग्रामीणों ने बताया कि लंबे समय से समस्या बनी हुई है और अधिकारियों द्वारा कोई ठोस कदम नहीं उठाया गया। जनप्रतिनिधियों ने मांग की है कि जल्द से जल्द समाधान किया जाए ताकि लोगों को राहत मिल सके। इस अवसर पर अनेक गणमान्य लोग उपस्थित रहे और कार्यक्रम सफलतापूर्वक संपन्न हुआ। पुलिस ने मामले की जांच शुरू कर दी है और आरोपियों की तलाश जारी है। क्षेत्र में विकास कार्य तेजी से चल रहे हैं और प्रशासन ने सभी संबंधित विभागों को निर्देश दिए हैं कि समय से कार्य पूरा किया जाए। ग्रामीणों ने बताया कि लंबे समय से समस्या बनी हुई है और अधिकारियों द्वारा कोई ठोस कदम नहीं उठाया गया। जनप्रतिनिधियों ने मांग की है कि जल्द से जल्द समाधान किया जाए ताकि लोगों को राहत मिल सके। इस अवसर पर अनेक गणमान्य लोग उपस्थित रहे और कार्यक्रम सफलतापूर्वक संपन्न हुआ। पुलिस ने मामले की जांच शुरू कर दी है और आरोपियों की तलाश जारी है। क्षेत्र में विकास कार्य तेजी से चल रहे हैं और प्रशासन ने सभी संबंधित विभागों को निर्देश दिए हैं कि समय से कार्य पूरा किया जाए।
क्षेत्र में विकास कार्य तेजी से चल रहे हैं और प्रशासन ने सभी संबंधित विभागों को निर्देश दिए हैं कि समय से कार्य पूरा किया जाए। ग्रामीणों ने बताया कि लंबे समय से समस्या बनी हुई है और अधिकारियों द्वारा कोई ठोस कदम नहीं उठाया गया। जनप्रतिनिधियों ने मांग की है कि जल्द से जल्द समाधान किया जाए ताकि लोगों को राहत मिल सके। इस अवसर पर अनेक गणमान्य लोग उपस्थित रहे और कार्यक्रम सफलतापूर्वक संपन्न हुआ। पुलिस ने मामले की जांच शुरू कर दी है और आरोपियों की तलाश जारी है। क्षेत्र में विकास कार्य तेजी से चल रहे हैं और प्रशासन ने सभी संबंधित विभागों को निर्देश दिए हैं कि समय से कार्य पूरा किया जाए। ग्रामीणों ने बताया कि लंबे समय से समस्या बनी हुई है और अधिकारियों द्वारा कोई ठोस कदम नहीं उठाया गया। जनप्रतिनिधियों ने मांग की है कि जल्द से जल्द समाधान किया जाए ताकि लोगों को राहत मिल सके। इस अवसर पर अनेक गणमान्य लोग उपस्थित रहे और कार्यक्रम सफलतापूर्वक संपन्न हुआ। पुलिस ने मामले की जांच शुरू कर दी है और आरोपियों की तलाश जारी है। क्षेत्र में विकास कार्य तेजी से चल रहे हैं और प्रशासन ने सभी संबंधित विभागों को निर्देश दिए हैं कि समय से कार्य पूरा किया जाए।
क्षेत्र में विकास कार्य तेजी से चल रहे हैं और प्रशासन ने सभी संबंधित विभागों को निर्देश दिए हैं कि समय से कार्य पूरा किया जाए। ग्रामीणों ने बताया कि लंबे समय से समस्या बनी हुई है और अधिकारियों द्वारा कोई ठोस कदम नहीं उठाया गया। जनप्रतिनिधियों ने मांग की है कि जल्द से जल्द समाधान किया जाए ताकि लोगों को राहत मिल सके। इस अवसर पर अनेक गणमान्य लोग उपस्थित रहे और कार्यक्रम सफलतापूर्वक संपन्न हुआ। पुलिस ने मामले की जांच शुरू कर दी है और आरोपियों की तलाश जारी है। क्षेत्र में विकास कार्य तेजी से चल रहे हैं और प्रशासन ने सभी संबंधित विभागों को निर्देश दिए हैं कि समय से कार्य पूरा किया जाए। ग्रामीणों ने बताया कि लंबे समय से समस्या बनी हुई है और अधिकारियों द्वारा कोई ठोस कदम नहीं उठाया गया। जनप्रतिनिधियों ने मांग की है कि जल्द से जल्द समाधान किया जाए ताकि लोगों को राहत मिल सके। इस अवसर पर अनेक गणमान्य लोग उपस्थित रहे और कार्यक्रम सफलतापूर्वक संपन्न हुआ। पुलिस ने मामले की जांच शुरू कर दी है और आरोपियों की तलाश जारी है। क्षेत्र में विकास कार्य तेजी से चल रहे हैं और प्रशासन ने सभी संबंधित विभागों को निर्देश दिए हैं कि समय से कार्य पूरा किया जाए।
क्षेत्र में विकास कार्य तेजी से चल रहे हैं और प्रशासन ने सभी संबंधित विभागों को निर्देश दिए हैं कि समय से कार्य पूरा किया जाए। ग्रामीणों ने बताया कि लंबे समय से समस्या बनी हुई है और अधिकारियों द्वारा कोई ठोस कदम नहीं उठाया गया। जनप्रतिनिधियों ने मांग की है कि जल्द से जल्द समाधान किया जाए ताकि लोगों को राहत मिल सके। इस अवसर पर अनेक गणमान्य लोग उपस्थित रहे और कार्यक्रम सफलतापूर्वक संपन्न हुआ। पुलिस ने मामले की जांच शुरू कर दी है और आरोपियों की तलाश जारी है। क्षेत्र में विकास कार्य तेजी से चल रहे हैं और प्रशासन ने सभी संबंधित विभागों को निर्देश दिए हैं कि समय से कार्य पूरा किया जाए। ग्रामीणों ने बताया कि लंबे समय से समस्या बनी हुई है और अधिकारियों द्वारा कोई ठोस कदम नहीं उठाया गया। जनप्रतिनिधियों ने मांग की है कि जल्द से जल्द समाधान किया जाए ताकि लोगों को राहत मिल सके। इस अवसर पर अनेक गणमान्य लोग उपस्थित रहे और कार्यक्रम सफलतापूर्वक संपन्न हुआ। पुलिस ने मामले की जांच शुरू कर दी है और आरोपियों की तलाश जारी है। क्षेत्र में विकास कार्य तेजी से चल रहे हैं और प्रशासन ने सभी संबंधित विभागों को निर्देश दिए हैं कि समय से कार्य पूरा किया जाए।
क्षेत्र में विकास कार्य तेजी से चल रहे हैं और प्रशासन ने सभी संबंधित विभागों को निर्देश दिए हैं कि समय से कार्य पूरा किया जाए। ग्रामीणों ने बताया कि लंबे समय से समस्या बनी हुई है और अधिकारियों द्वारा कोई ठोस कदम नहीं उठाया गया। जनप्रतिनिधियों ने मांग की है कि जल्द से जल्द समाधान किया जाए ताकि लोगों को राहत मिल सके। इस अवसर पर अनेक गणमान्य लोग उपस्थित रहे और कार्यक्रम सफलतापूर्वक संपन्न हुआ। पुलिस ने मामले की जांच शुरू कर दी है और आरोपियों की तलाश जारी है। क्षेत्र में विकास कार्य तेजी से चल रहे हैं और प्रशासन ने सभी संबंधित विभागों को निर्देश दिए हैं कि समय से कार्य पूरा किया जाए। ग्रामीणों ने बताया कि लंबे समय से समस्या बनी हुई है और अधिकारियों द्वारा कोई ठोस कदम नहीं उठाया गया। जनप्रतिनिधियों ने मांग की है कि जल्द से जल्द समाधान किया जाए ताकि लोगों को राहत मिल सके। इस अवसर पर अनेक गणमान्य लोग उपस्थित रहे और कार्यक्रम सफलतापूर्वक संपन्न हुआ। पुलिस ने मामले की जांच शुरू कर दी है और आरोपियों की तलाश जारी है। क्षेत्र में विकास कार्य तेजी से चल रहे हैं और प्रशासन ने सभी संबंधित विभागों को निर्देश दिए हैं कि समय से कार्य पूरा किया जाए।
क्षेत्र में विकास कार्य तेजी से चल रहे हैं और प्रशासन ने सभी संबंधित विभागों को निर्देश दिए हैं कि समय से कार्य पूरा किया जाए। ग्रामीणों ने बताया कि लंबे समय से समस्या बनी हुई है और अधिकारियों द्वारा कोई ठोस कदम नहीं उठाया गया। जनप्रतिनिधियों ने मांग की है कि जल्द से जल्द समाधान किया जाए ताकि लोगों को राहत मिल सके। इस अवसर पर अनेक गणमान्य लोग उपस्थित रहे और कार्यक्रम सफलतापूर्वक संपन्न हुआ। पुलिस ने मामले की जांच शुरू कर दी है और आरोपियों की तलाश जारी है। क्षेत्र में विकास कार्य तेजी से चल रहे हैं और प्रशासन ने सभी संबंधित विभागों को निर्देश दिए हैं कि समय से कार्य पूरा किया जाए। ग्रामीणों ने बताया कि लंबे समय से समस्या बनी हुई है और अधिकारियों द्वारा कोई ठोस कदम नहीं उठाया गया। जनप्रतिनिधियों ने मांग की है कि जल्द से जल्द समाधान किया जाए ताकि लोगों को राहत मिल सके। इस अवसर पर अनेक गणमान्य लोग उपस्थित रहे और कार्यक्रम सफलतापूर्वक संपन्न हुआ। पुलिस ने मामले की जांच शुरू कर दी है और आरोपियों की तलाश जारी है। क्षेत्र में विकास कार्य तेजी से चल रहे हैं और प्रशासन ने सभी संबंधित विभागों को निर्देश दिए हैं कि समय से कार्य पूरा किया जाए।
